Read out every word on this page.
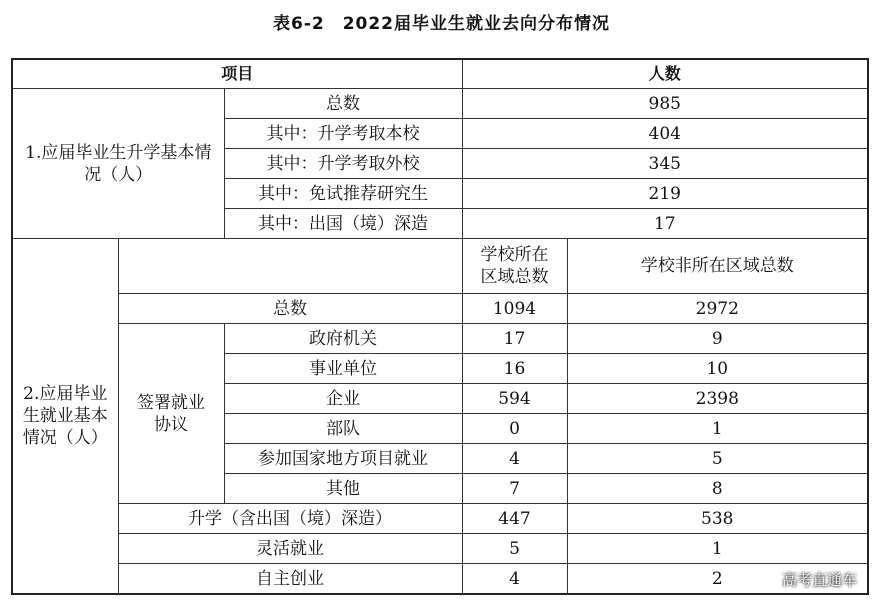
表6-2　2022届毕业生就业去向分布情况
项目			人数	
1.应届毕业生升学基本情况（人）		总数	985	
		其中：升学考取本校	404	
		其中：升学考取外校	345	
		其中：免试推荐研究生	219	
		其中：出国（境）深造	17	
2.应届毕业生就业基本情况（人）			学校所在区域总数	学校非所在区域总数
	总数		1094	2972
	签署就业协议	政府机关	17	9
		事业单位	16	10
		企业	594	2398
		部队	0	1
		参加国家地方项目就业	4	5
		其他	7	8
	升学（含出国（境）深造）		447	538
	灵活就业		5	1
	自主创业		4	2	高考直通车
